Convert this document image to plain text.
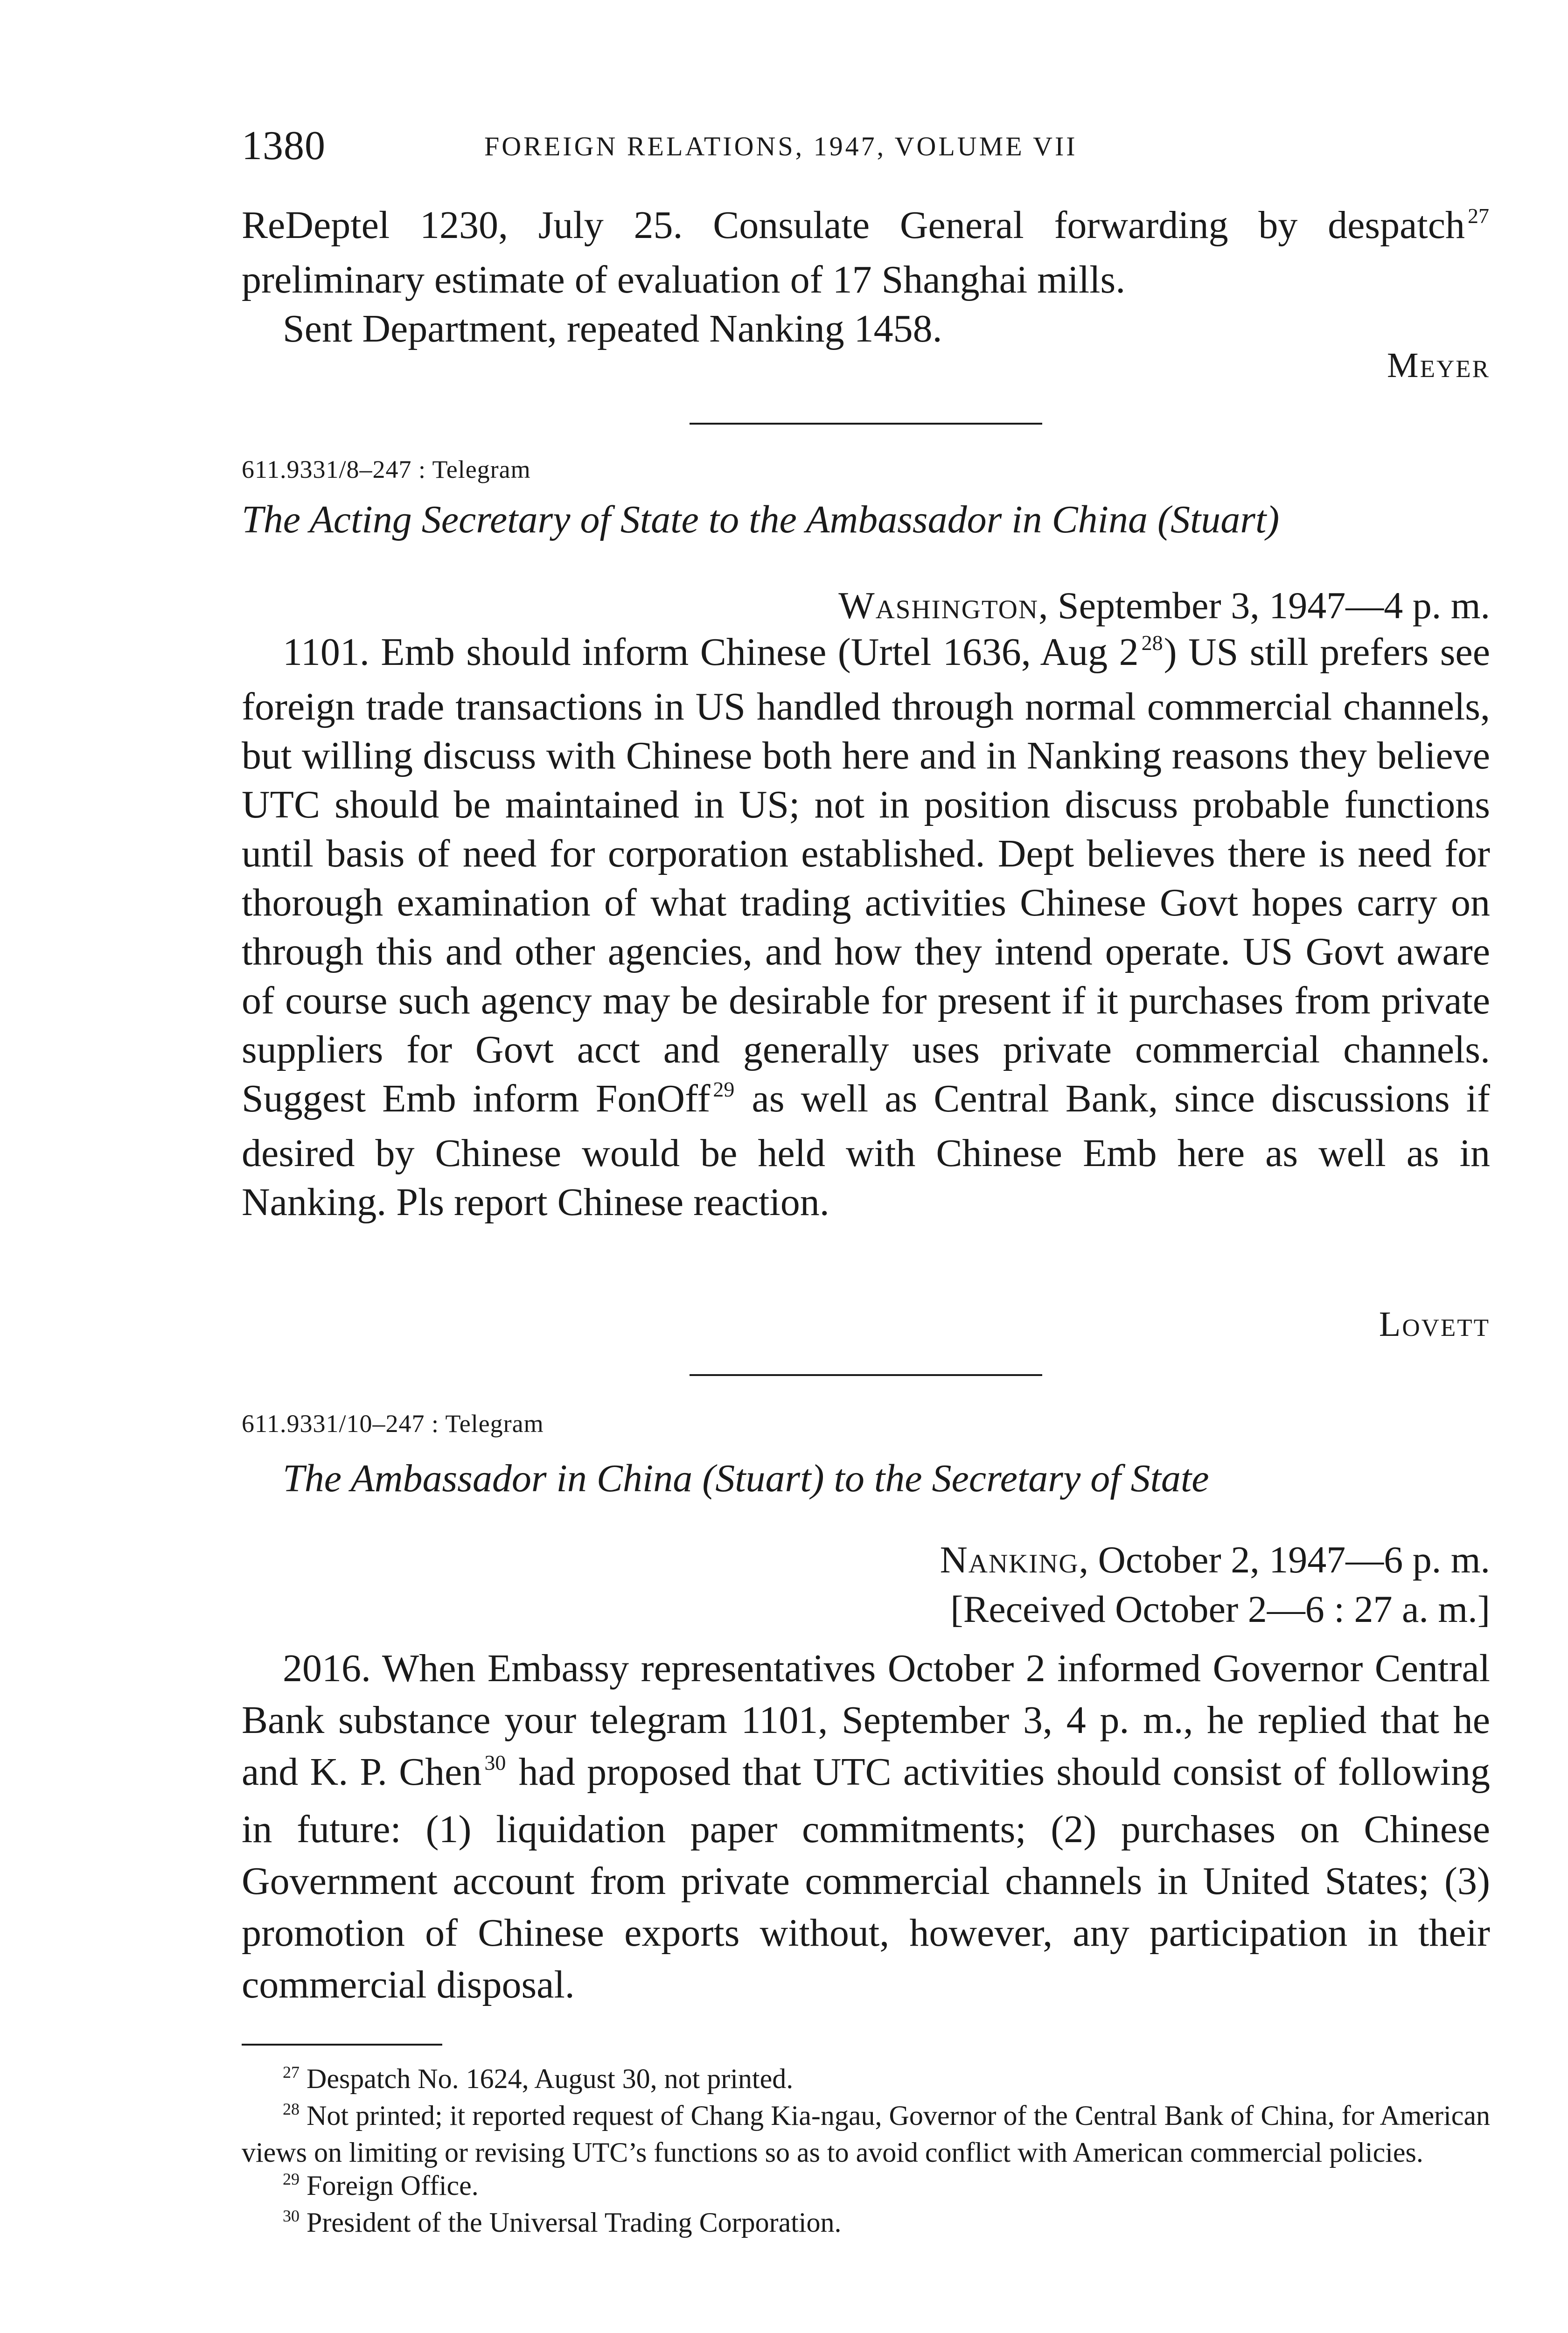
1380	FOREIGN RELATIONS, 1947, VOLUME VII

ReDeptel 1230, July 25. Consulate General forwarding by despatch $^{27}$ preliminary estimate of evaluation of 17 Shanghai mills.

Sent Department, repeated Nanking 1458.

Meyer
611.9331/8–247 : Telegram
The Acting Secretary of State to the Ambassador in China (Stuart)
Washington, September 3, 1947—4 p. m.

1101. Emb should inform Chinese (Urtel 1636, Aug 2 $^{28}$) US still prefers see foreign trade transactions in US handled through normal commercial channels, but willing discuss with Chinese both here and in Nanking reasons they believe UTC should be maintained in US; not in position discuss probable functions until basis of need for corporation established. Dept believes there is need for thorough examination of what trading activities Chinese Govt hopes carry on through this and other agencies, and how they intend operate. US Govt aware of course such agency may be desirable for present if it purchases from private suppliers for Govt acct and generally uses private commercial channels. Suggest Emb inform FonOff $^{29}$ as well as Central Bank, since discussions if desired by Chinese would be held with Chinese Emb here as well as in Nanking. Pls report Chinese reaction.

Lovett
611.9331/10–247 : Telegram
The Ambassador in China (Stuart) to the Secretary of State
Nanking, October 2, 1947—6 p. m.
[Received October 2—6 : 27 a. m.]

2016. When Embassy representatives October 2 informed Governor Central Bank substance your telegram 1101, September 3, 4 p. m., he replied that he and K. P. Chen $^{30}$ had proposed that UTC activities should consist of following in future: (1) liquidation paper commitments; (2) purchases on Chinese Government account from private commercial channels in United States; (3) promotion of Chinese exports without, however, any participation in their commercial disposal.

$^{27}$ Despatch No. 1624, August 30, not printed.

$^{28}$ Not printed; it reported request of Chang Kia-ngau, Governor of the Central Bank of China, for American views on limiting or revising UTC’s functions so as to avoid conflict with American commercial policies.

$^{29}$ Foreign Office.

$^{30}$ President of the Universal Trading Corporation.
